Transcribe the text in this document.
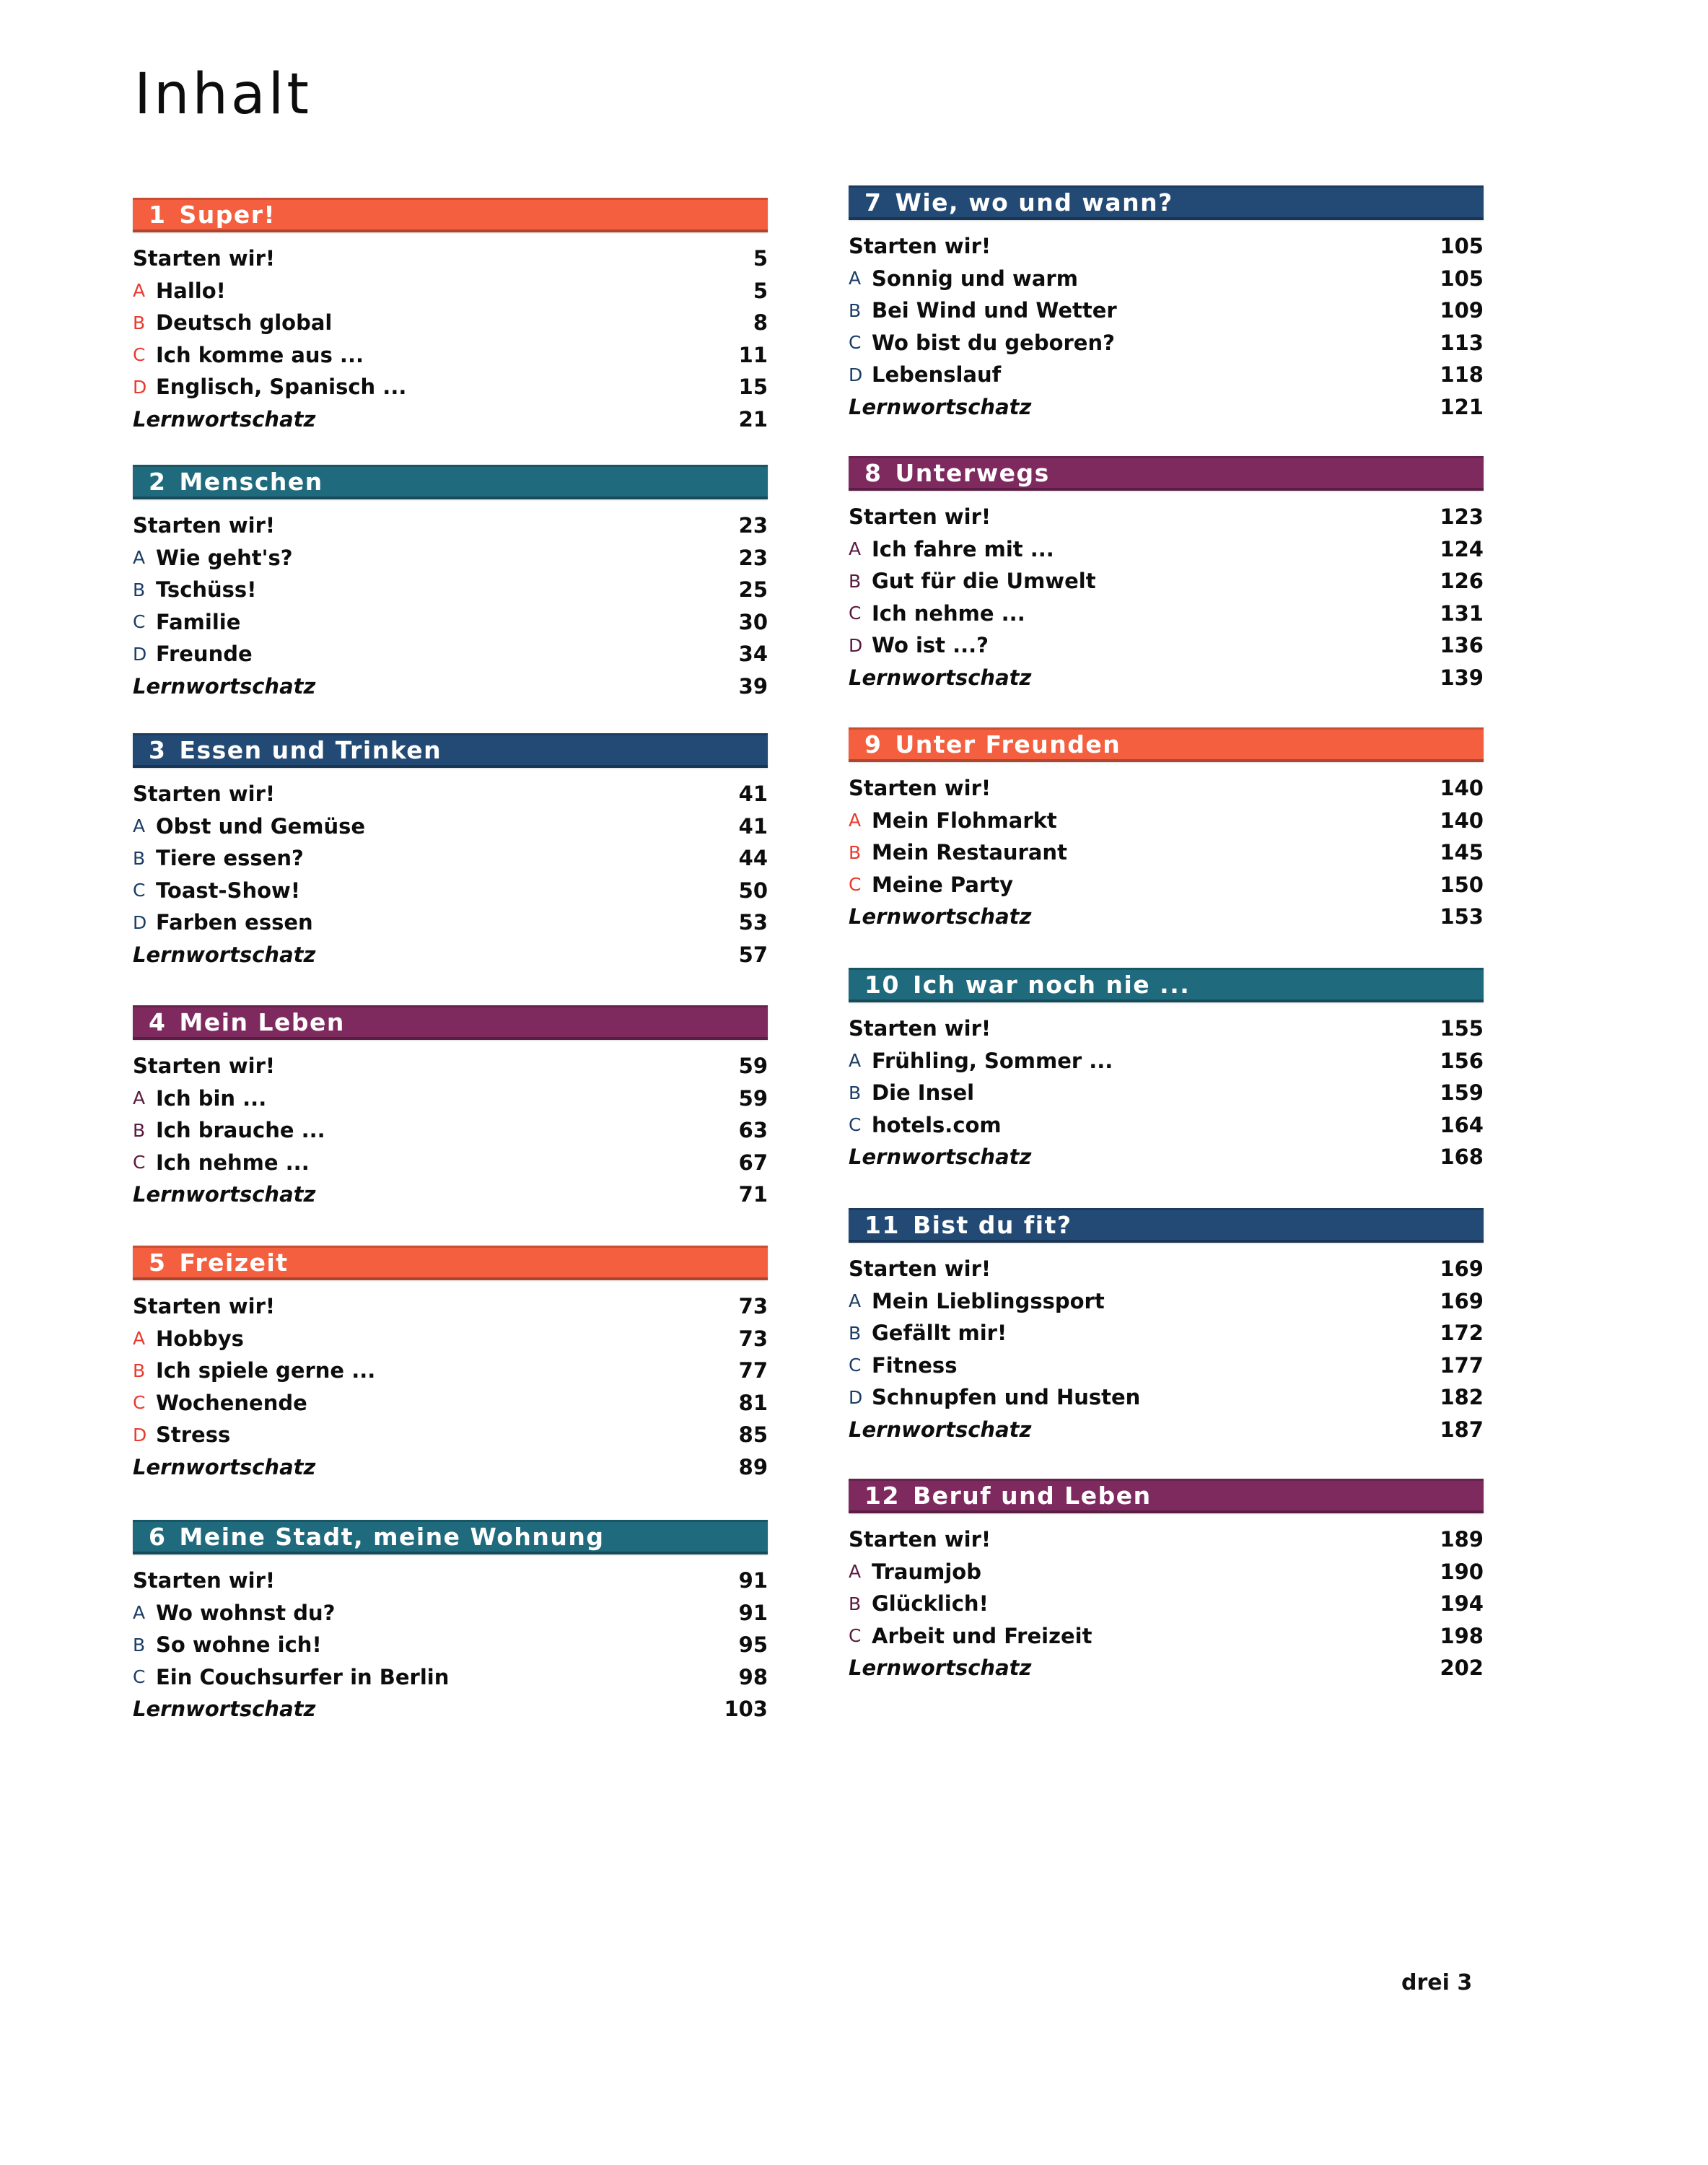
Inhalt
1 Super!
Starten wir!	5
A Hallo!	5
B Deutsch global	8
C Ich komme aus ...	11
D Englisch, Spanisch ...	15
Lernwortschatz	21
2 Menschen
Starten wir!	23
A Wie geht's?	23
B Tschüss!	25
C Familie	30
D Freunde	34
Lernwortschatz	39
3 Essen und Trinken
Starten wir!	41
A Obst und Gemüse	41
B Tiere essen?	44
C Toast-Show!	50
D Farben essen	53
Lernwortschatz	57
4 Mein Leben
Starten wir!	59
A Ich bin ...	59
B Ich brauche ...	63
C Ich nehme ...	67
Lernwortschatz	71
5 Freizeit
Starten wir!	73
A Hobbys	73
B Ich spiele gerne ...	77
C Wochenende	81
D Stress	85
Lernwortschatz	89
6 Meine Stadt, meine Wohnung
Starten wir!	91
A Wo wohnst du?	91
B So wohne ich!	95
C Ein Couchsurfer in Berlin	98
Lernwortschatz	103
7 Wie, wo und wann?
Starten wir!	105
A Sonnig und warm	105
B Bei Wind und Wetter	109
C Wo bist du geboren?	113
D Lebenslauf	118
Lernwortschatz	121
8 Unterwegs
Starten wir!	123
A Ich fahre mit ...	124
B Gut für die Umwelt	126
C Ich nehme ...	131
D Wo ist ...?	136
Lernwortschatz	139
9 Unter Freunden
Starten wir!	140
A Mein Flohmarkt	140
B Mein Restaurant	145
C Meine Party	150
Lernwortschatz	153
10 Ich war noch nie ...
Starten wir!	155
A Frühling, Sommer ...	156
B Die Insel	159
C hotels.com	164
Lernwortschatz	168
11 Bist du fit?
Starten wir!	169
A Mein Lieblingssport	169
B Gefällt mir!	172
C Fitness	177
D Schnupfen und Husten	182
Lernwortschatz	187
12 Beruf und Leben
Starten wir!	189
A Traumjob	190
B Glücklich!	194
C Arbeit und Freizeit	198
Lernwortschatz	202
drei 3
